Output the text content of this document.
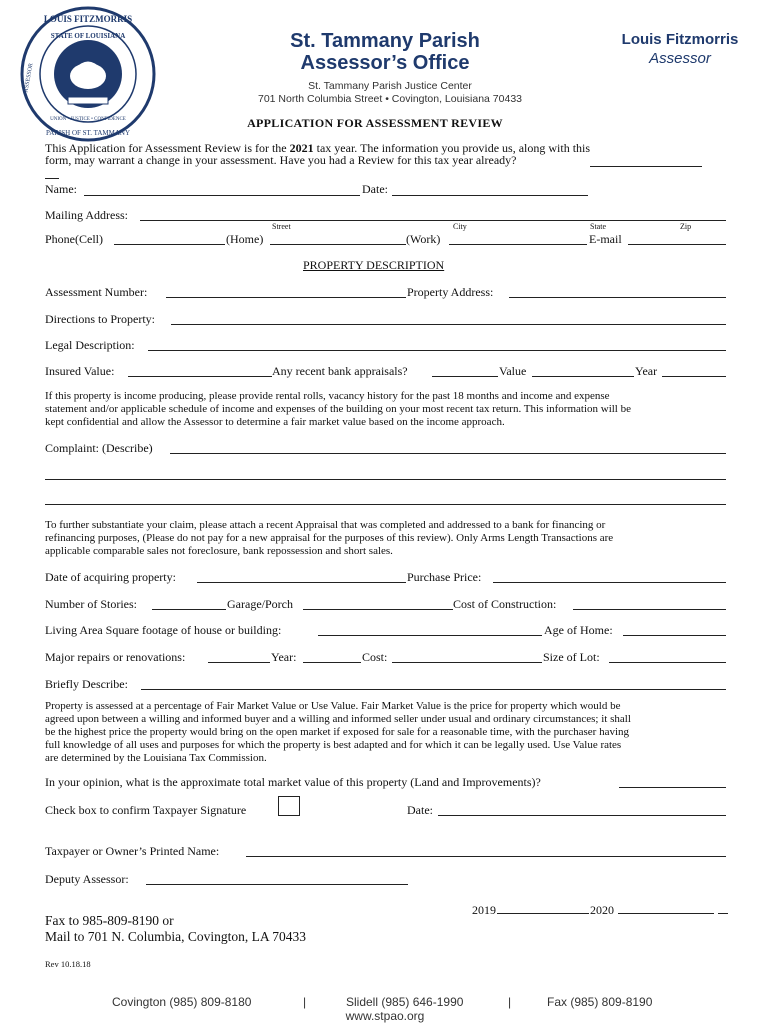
LOUIS FITZMORRIS
STATE OF LOUISIANA
UNION • JUSTICE • CONFIDENCE
PARISH OF ST. TAMMANY
ASSESSOR
St. Tammany Parish
Assessor’s Office
Louis Fitzmorris
Assessor
St. Tammany Parish Justice Center
701 North Columbia Street • Covington, Louisiana 70433
APPLICATION FOR ASSESSMENT REVIEW
This Application for Assessment Review is for the 2021 tax year. The information you provide us, along with this
form, may warrant a change in your assessment. Have you had a Review for this tax year already?
Name:	Date:
Mailing Address:
Street	City	State	Zip
Phone(Cell)	(Home)	(Work)	E-mail
PROPERTY DESCRIPTION
Assessment Number:	Property Address:
Directions to Property:
Legal Description:
Insured Value:	Any recent bank appraisals?	Value	Year
If this property is income producing, please provide rental rolls, vacancy history for the past 18 months and income and expense
statement and/or applicable schedule of income and expenses of the building on your most recent tax return. This information will be
kept confidential and allow the Assessor to determine a fair market value based on the income approach.
Complaint: (Describe)
To further substantiate your claim, please attach a recent Appraisal that was completed and addressed to a bank for financing or
refinancing purposes, (Please do not pay for a new appraisal for the purposes of this review). Only Arms Length Transactions are
applicable comparable sales not foreclosure, bank repossession and short sales.
Date of acquiring property:	Purchase Price:
Number of Stories:	Garage/Porch	Cost of Construction:
Living Area Square footage of house or building:	Age of Home:
Major repairs or renovations:	Year:	Cost:	Size of Lot:
Briefly Describe:
Property is assessed at a percentage of Fair Market Value or Use Value. Fair Market Value is the price for property which would be
agreed upon between a willing and informed buyer and a willing and informed seller under usual and ordinary circumstances; it shall
be the highest price the property would bring on the open market if exposed for sale for a reasonable time, with the purchaser having
full knowledge of all uses and purposes for which the property is best adapted and for which it can be legally used. Use Value rates
are determined by the Louisiana Tax Commission.
In your opinion, what is the approximate total market value of this property (Land and Improvements)?
Check box to confirm Taxpayer Signature	Date:
Taxpayer or Owner’s Printed Name:
Deputy Assessor:
2019	2020
Fax to 985-809-8190 or
Mail to 701 N. Columbia, Covington, LA 70433
Rev 10.18.18
Covington (985) 809-8180	|	Slidell (985) 646-1990	|	Fax (985) 809-8190
www.stpao.org
